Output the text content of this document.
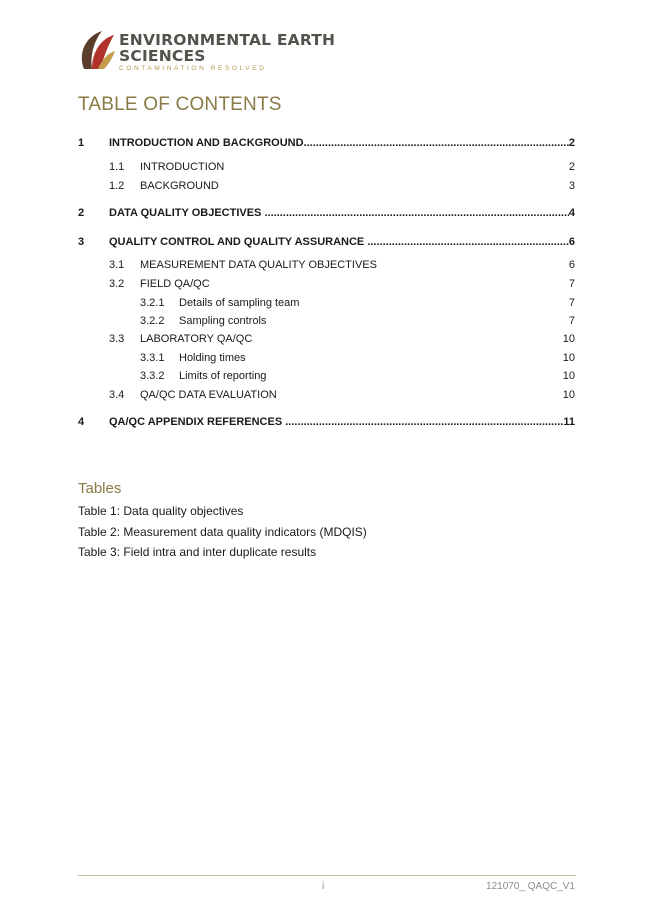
ENVIRONMENTAL EARTH
SCIENCES
CONTAMINATION RESOLVED
TABLE OF CONTENTS
1	INTRODUCTION AND BACKGROUND .....	2
1.1	INTRODUCTION	2
1.2	BACKGROUND	3
2	DATA QUALITY OBJECTIVES .....	4
3	QUALITY CONTROL AND QUALITY ASSURANCE .....	6
3.1	MEASUREMENT DATA QUALITY OBJECTIVES	6
3.2	FIELD QA/QC	7
3.2.1	Details of sampling team	7
3.2.2	Sampling controls	7
3.3	LABORATORY QA/QC	10
3.3.1	Holding times	10
3.3.2	Limits of reporting	10
3.4	QA/QC DATA EVALUATION	10
4	QA/QC APPENDIX REFERENCES .....	11
Tables
Table 1: Data quality objectives
Table 2: Measurement data quality indicators (MDQIS)
Table 3: Field intra and inter duplicate results
i	121070_ QAQC_V1
